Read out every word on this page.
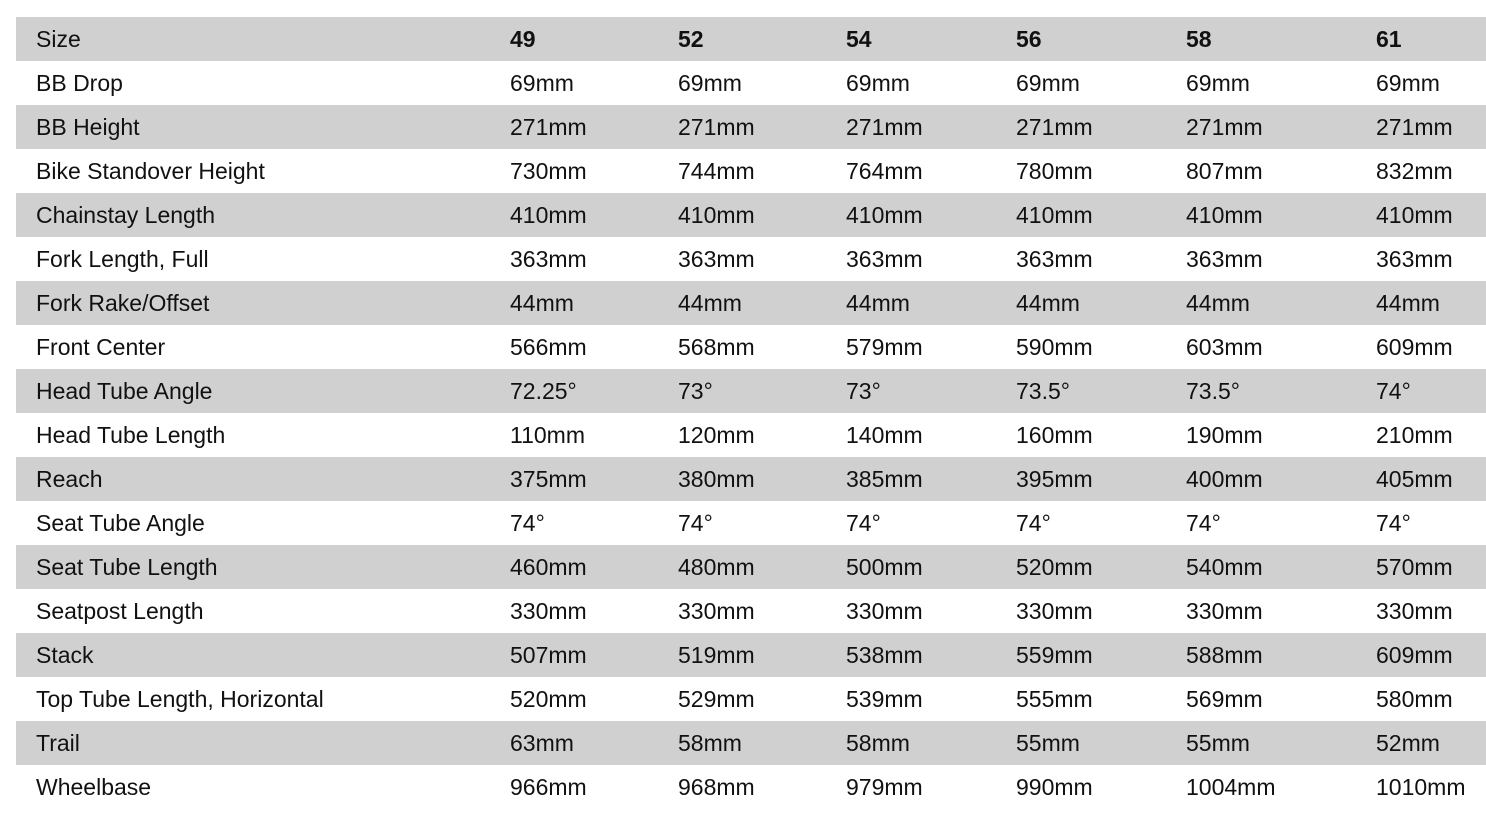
Size	49	52	54	56	58	61
BB Drop	69mm	69mm	69mm	69mm	69mm	69mm
BB Height	271mm	271mm	271mm	271mm	271mm	271mm
Bike Standover Height	730mm	744mm	764mm	780mm	807mm	832mm
Chainstay Length	410mm	410mm	410mm	410mm	410mm	410mm
Fork Length, Full	363mm	363mm	363mm	363mm	363mm	363mm
Fork Rake/Offset	44mm	44mm	44mm	44mm	44mm	44mm
Front Center	566mm	568mm	579mm	590mm	603mm	609mm
Head Tube Angle	72.25°	73°	73°	73.5°	73.5°	74°
Head Tube Length	110mm	120mm	140mm	160mm	190mm	210mm
Reach	375mm	380mm	385mm	395mm	400mm	405mm
Seat Tube Angle	74°	74°	74°	74°	74°	74°
Seat Tube Length	460mm	480mm	500mm	520mm	540mm	570mm
Seatpost Length	330mm	330mm	330mm	330mm	330mm	330mm
Stack	507mm	519mm	538mm	559mm	588mm	609mm
Top Tube Length, Horizontal	520mm	529mm	539mm	555mm	569mm	580mm
Trail	63mm	58mm	58mm	55mm	55mm	52mm
Wheelbase	966mm	968mm	979mm	990mm	1004mm	1010mm
